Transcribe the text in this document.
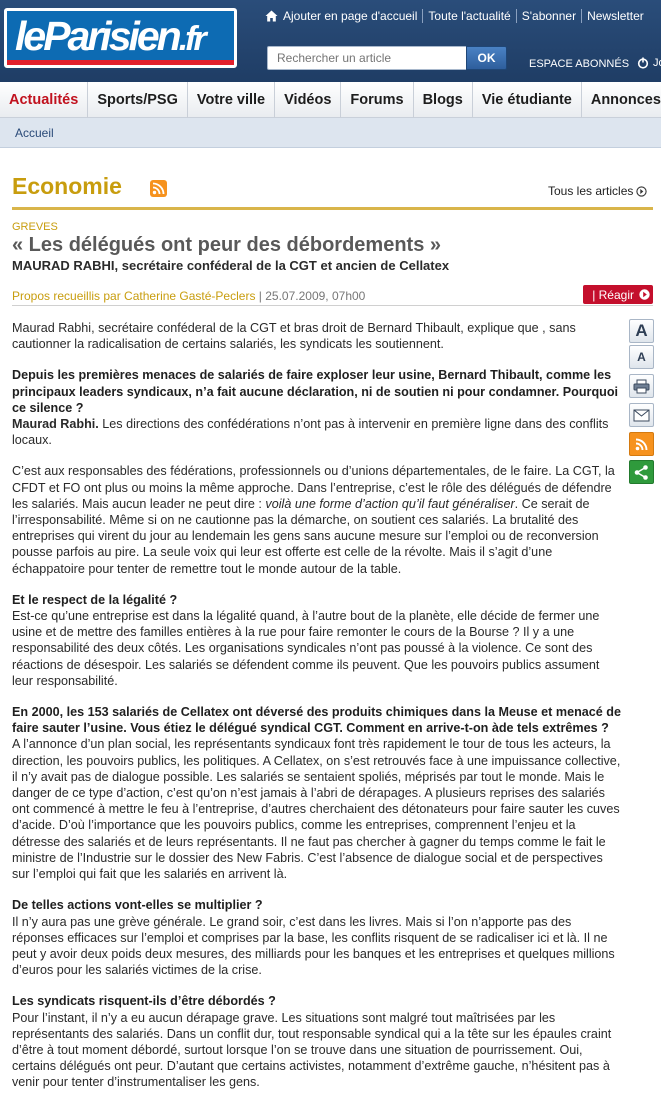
leParisien.fr
Ajouter en page d'accueil Toute l'actualité S'abonner Newsletter
Rechercher un article
OK	ESPACE ABONNÉS Jo
Actualités	Sports/PSG	Votre ville	Vidéos	Forums	Blogs	Vie étudiante	Annonces
Accueil
Economie	Tous les articles
GREVES
« Les délégués ont peur des débordements »
MAURAD RABHI, secrétaire conféderal de la CGT et ancien de Cellatex
Propos recueillis par Catherine Gasté-Peclers | 25.07.2009, 07h00	| Réagir
A
A

Maurad Rabhi, secrétaire conféderal de la CGT et bras droit de Bernard Thibault, explique que , sans cautionner la radicalisation de certains salariés, les syndicats les soutiennent.

Depuis les premières menaces de salariés de faire exploser leur usine, Bernard Thibault, comme les principaux leaders syndicaux, n’a fait aucune déclaration, ni de soutien ni pour condamner. Pourquoi ce silence ?
Maurad Rabhi. Les directions des confédérations n’ont pas à intervenir en première ligne dans des conflits locaux.

C’est aux responsables des fédérations, professionnels ou d’unions départementales, de le faire. La CGT, la CFDT et FO ont plus ou moins la même approche. Dans l’entreprise, c’est le rôle des délégués de défendre les salariés. Mais aucun leader ne peut dire : voilà une forme d’action qu’il faut généraliser. Ce serait de l’irresponsabilité. Même si on ne cautionne pas la démarche, on soutient ces salariés. La brutalité des entreprises qui virent du jour au lendemain les gens sans aucune mesure sur l’emploi ou de reconversion pousse parfois au pire. La seule voix qui leur est offerte est celle de la révolte. Mais il s’agit d’une échappatoire pour tenter de remettre tout le monde autour de la table.

Et le respect de la légalité ?
Est-ce qu’une entreprise est dans la légalité quand, à l’autre bout de la planète, elle décide de fermer une usine et de mettre des familles entières à la rue pour faire remonter le cours de la Bourse ? Il y a une responsabilité des deux côtés. Les organisations syndicales n’ont pas poussé à la violence. Ce sont des réactions de désespoir. Les salariés se défendent comme ils peuvent. Que les pouvoirs publics assument leur responsabilité.

En 2000, les 153 salariés de Cellatex ont déversé des produits chimiques dans la Meuse et menacé de faire sauter l’usine. Vous étiez le délégué syndical CGT. Comment en arrive-t-on àde tels extrêmes ?
A l’annonce d’un plan social, les représentants syndicaux font très rapidement le tour de tous les acteurs, la direction, les pouvoirs publics, les politiques. A Cellatex, on s’est retrouvés face à une impuissance collective, il n’y avait pas de dialogue possible. Les salariés se sentaient spoliés, méprisés par tout le monde. Mais le danger de ce type d’action, c’est qu’on n’est jamais à l’abri de dérapages. A plusieurs reprises des salariés ont commencé à mettre le feu à l’entreprise, d’autres cherchaient des détonateurs pour faire sauter les cuves d’acide. D’où l’importance que les pouvoirs publics, comme les entreprises, comprennent l’enjeu et la détresse des salariés et de leurs représentants. Il ne faut pas chercher à gagner du temps comme le fait le ministre de l’Industrie sur le dossier des New Fabris. C’est l’absence de dialogue social et de perspectives sur l’emploi qui fait que les salariés en arrivent là.

De telles actions vont-elles se multiplier ?
Il n’y aura pas une grève générale. Le grand soir, c’est dans les livres. Mais si l’on n’apporte pas des réponses efficaces sur l’emploi et comprises par la base, les conflits risquent de se radicaliser ici et là. Il ne peut y avoir deux poids deux mesures, des milliards pour les banques et les entreprises et quelques millions d’euros pour les salariés victimes de la crise.

Les syndicats risquent-ils d’être débordés ?
Pour l’instant, il n’y a eu aucun dérapage grave. Les situations sont malgré tout maîtrisées par les représentants des salariés. Dans un conflit dur, tout responsable syndical qui a la tête sur les épaules craint d’être à tout moment débordé, surtout lorsque l’on se trouve dans une situation de pourrissement. Oui, certains délégués ont peur. D’autant que certains activistes, notamment d’extrême gauche, n’hésitent pas à venir pour tenter d’instrumentaliser les gens.
